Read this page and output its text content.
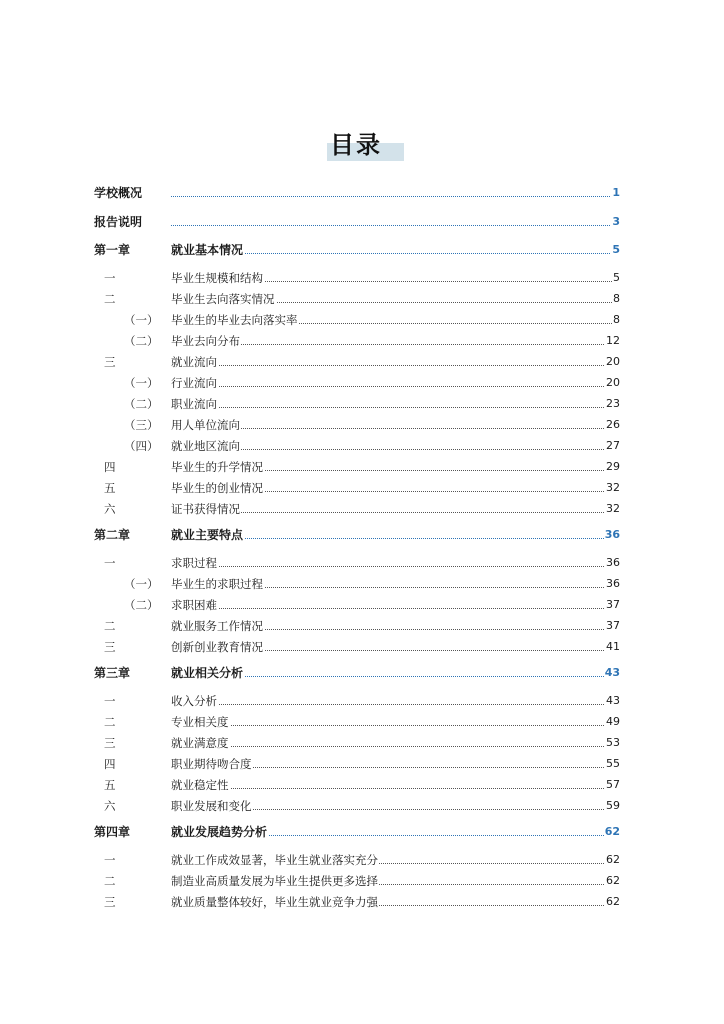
目录
学校概况	1
报告说明	3
第一章	就业基本情况	5
一	毕业生规模和结构	5
二	毕业生去向落实情况	8
（一） 毕业生的毕业去向落实率	8
（二） 毕业去向分布	12
三	就业流向	20
（一） 行业流向	20
（二） 职业流向	23
（三） 用人单位流向	26
（四） 就业地区流向	27
四	毕业生的升学情况	29
五	毕业生的创业情况	32
六	证书获得情况	32
第二章	就业主要特点	36
一	求职过程	36
（一） 毕业生的求职过程	36
（二） 求职困难	37
二	就业服务工作情况	37
三	创新创业教育情况	41
第三章	就业相关分析	43
一	收入分析	43
二	专业相关度	49
三	就业满意度	53
四	职业期待吻合度	55
五	就业稳定性	57
六	职业发展和变化	59
第四章	就业发展趋势分析	62
一	就业工作成效显著，毕业生就业落实充分	62
二	制造业高质量发展为毕业生提供更多选择	62
三	就业质量整体较好，毕业生就业竞争力强	62
